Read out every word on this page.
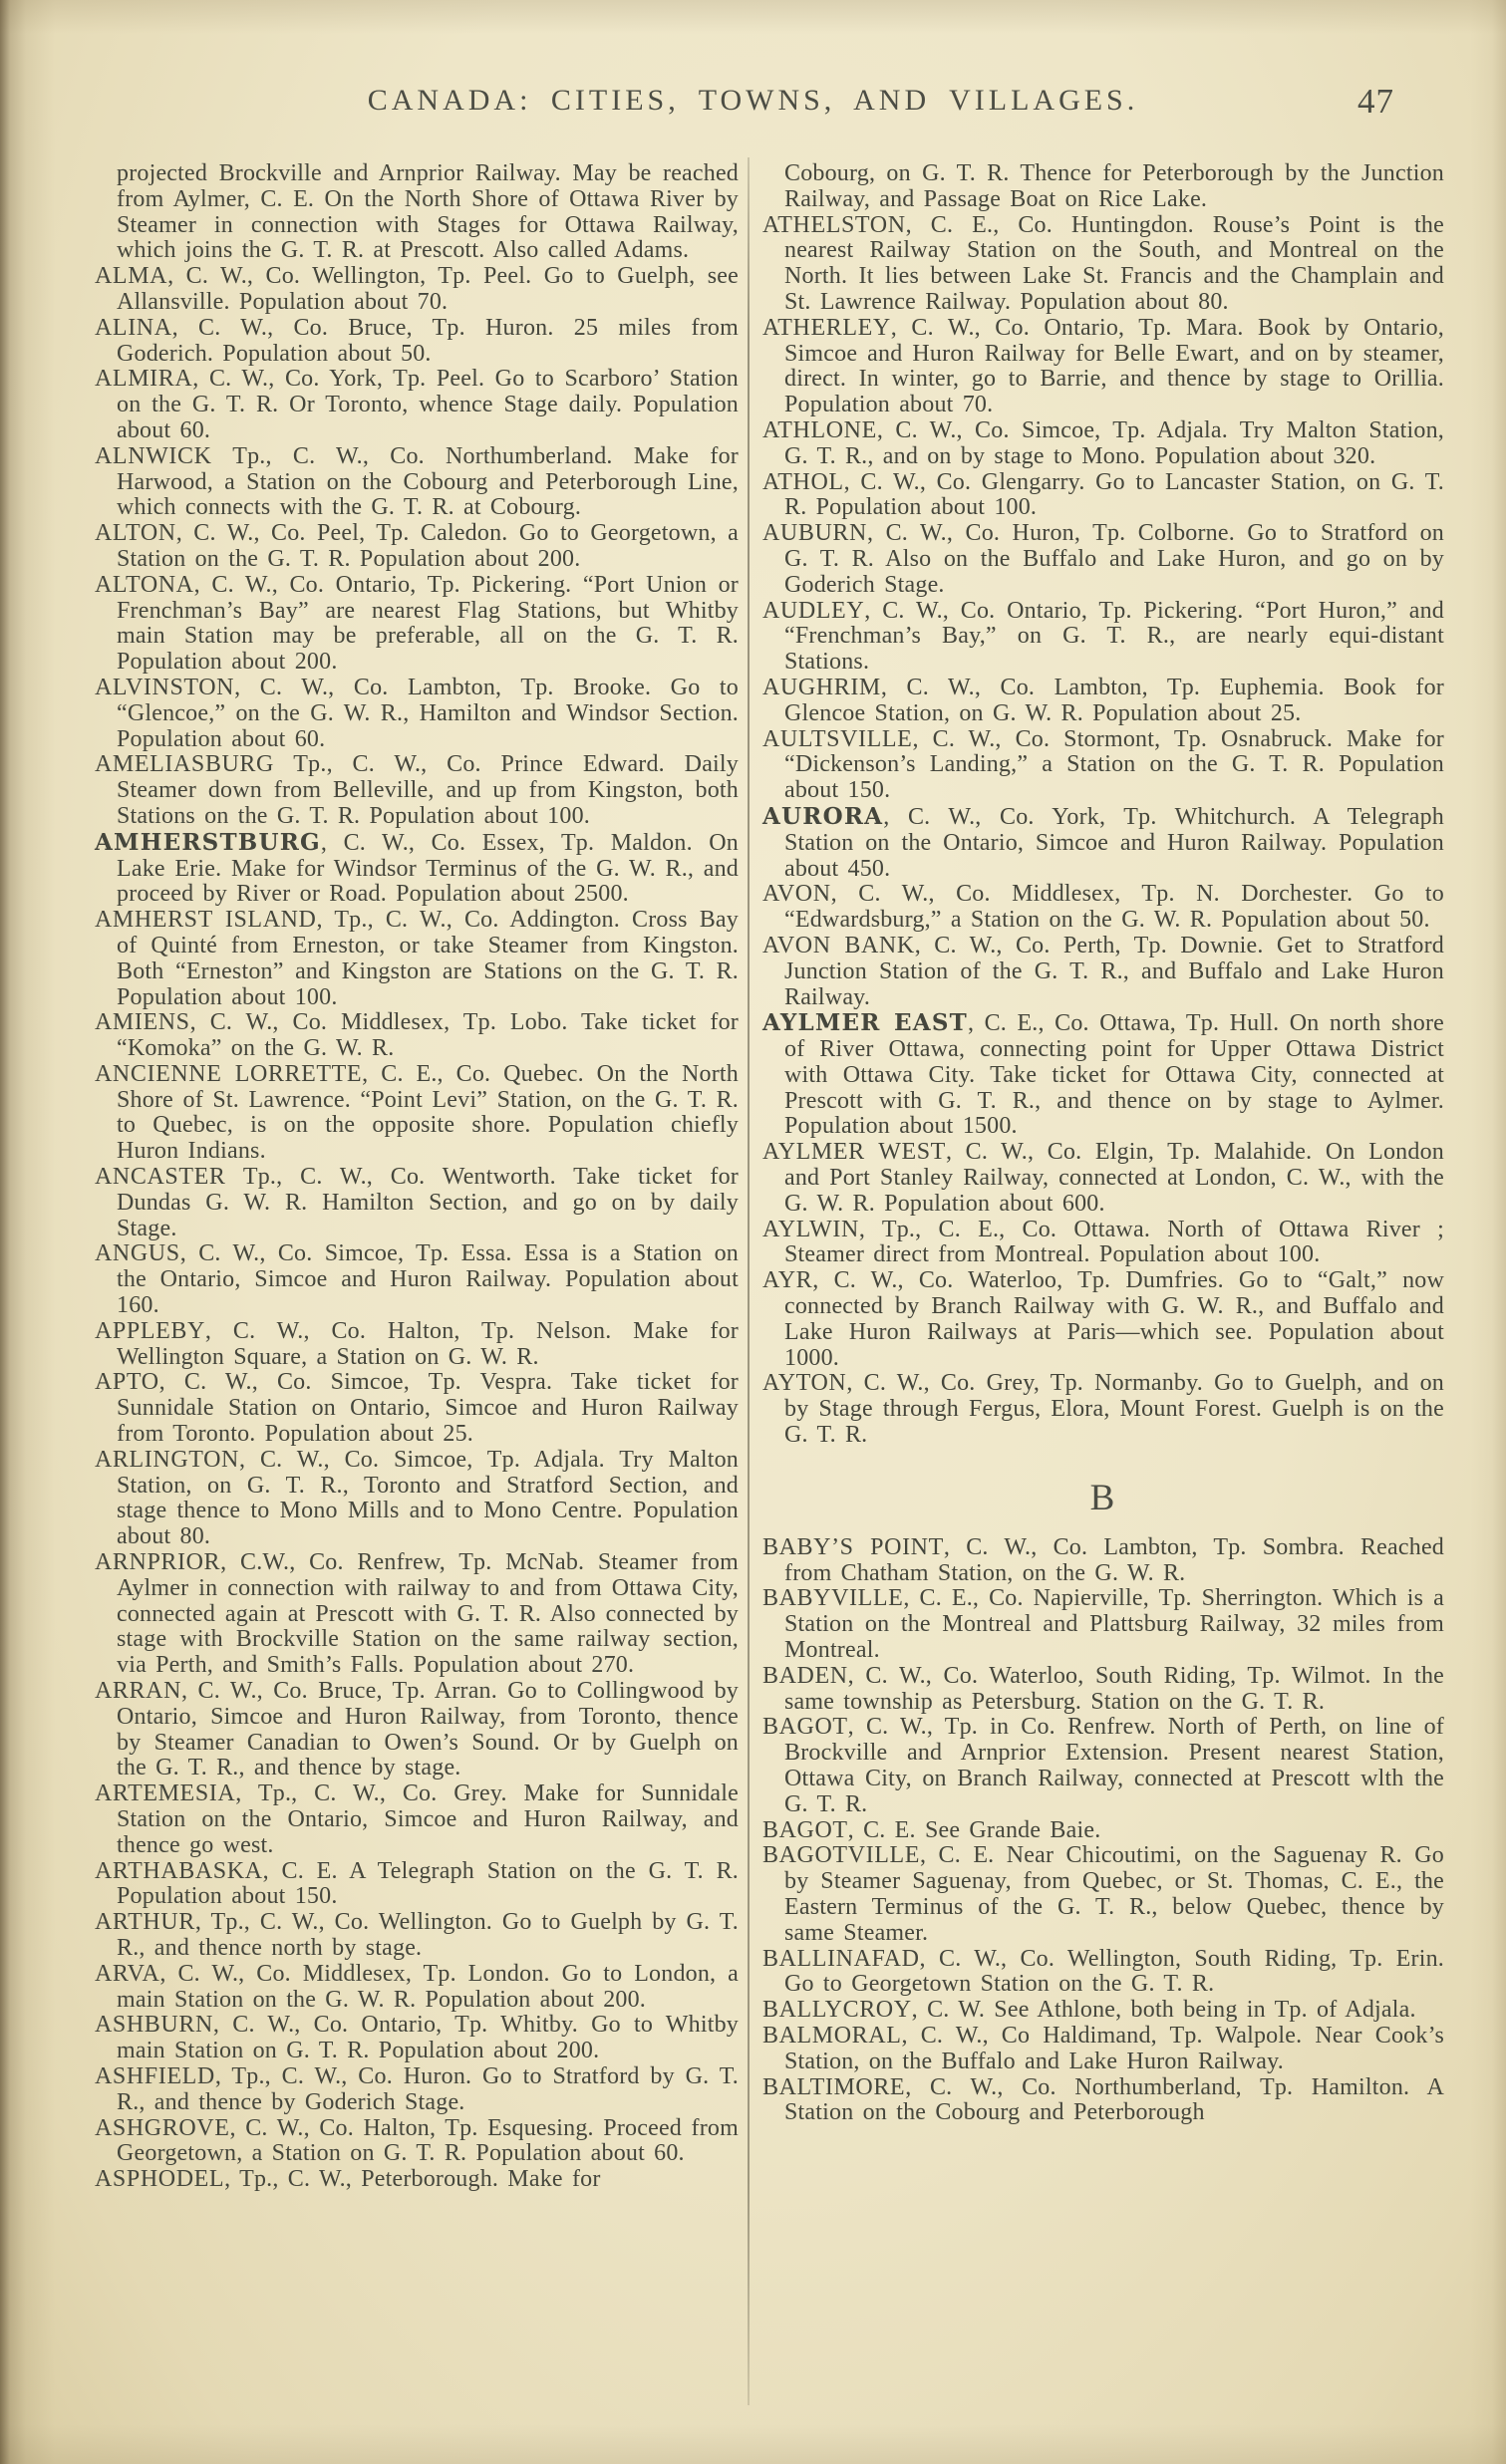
CANADA: CITIES, TOWNS, AND VILLAGES.	47

projected Brockville and Arnprior Railway. May be reached from Aylmer, C. E. On the North Shore of Ottawa River by Steamer in connection with Stages for Ottawa Railway, which joins the G. T. R. at Prescott. Also called Adams.

ALMA, C. W., Co. Wellington, Tp. Peel. Go to Guelph, see Allansville. Population about 70.

ALINA, C. W., Co. Bruce, Tp. Huron. 25 miles from Goderich. Population about 50.

ALMIRA, C. W., Co. York, Tp. Peel. Go to Scarboro’ Station on the G. T. R. Or Toronto, whence Stage daily. Population about 60.

ALNWICK Tp., C. W., Co. Northumberland. Make for Harwood, a Station on the Cobourg and Peterborough Line, which connects with the G. T. R. at Cobourg.

ALTON, C. W., Co. Peel, Tp. Caledon. Go to Georgetown, a Station on the G. T. R. Population about 200.

ALTONA, C. W., Co. Ontario, Tp. Pickering. “Port Union or Frenchman’s Bay” are nearest Flag Stations, but Whitby main Station may be preferable, all on the G. T. R. Population about 200.

ALVINSTON, C. W., Co. Lambton, Tp. Brooke. Go to “Glencoe,” on the G. W. R., Hamilton and Windsor Section. Population about 60.

AMELIASBURG Tp., C. W., Co. Prince Edward. Daily Steamer down from Belleville, and up from Kingston, both Stations on the G. T. R. Population about 100.

AMHERSTBURG, C. W., Co. Essex, Tp. Maldon. On Lake Erie. Make for Windsor Terminus of the G. W. R., and proceed by River or Road. Population about 2500.

AMHERST ISLAND, Tp., C. W., Co. Addington. Cross Bay of Quinté from Erneston, or take Steamer from Kingston. Both “Erneston” and Kingston are Stations on the G. T. R. Population about 100.

AMIENS, C. W., Co. Middlesex, Tp. Lobo. Take ticket for “Komoka” on the G. W. R.

ANCIENNE LORRETTE, C. E., Co. Quebec. On the North Shore of St. Lawrence. “Point Levi” Station, on the G. T. R. to Quebec, is on the opposite shore. Population chiefly Huron Indians.

ANCASTER Tp., C. W., Co. Wentworth. Take ticket for Dundas G. W. R. Hamilton Section, and go on by daily Stage.

ANGUS, C. W., Co. Simcoe, Tp. Essa. Essa is a Station on the Ontario, Simcoe and Huron Railway. Population about 160.

APPLEBY, C. W., Co. Halton, Tp. Nelson. Make for Wellington Square, a Station on G. W. R.

APTO, C. W., Co. Simcoe, Tp. Vespra. Take ticket for Sunnidale Station on Ontario, Simcoe and Huron Railway from Toronto. Population about 25.

ARLINGTON, C. W., Co. Simcoe, Tp. Adjala. Try Malton Station, on G. T. R., Toronto and Stratford Section, and stage thence to Mono Mills and to Mono Centre. Population about 80.

ARNPRIOR, C.W., Co. Renfrew, Tp. McNab. Steamer from Aylmer in connection with railway to and from Ottawa City, connected again at Prescott with G. T. R. Also connected by stage with Brockville Station on the same railway section, via Perth, and Smith’s Falls. Population about 270.

ARRAN, C. W., Co. Bruce, Tp. Arran. Go to Collingwood by Ontario, Simcoe and Huron Railway, from Toronto, thence by Steamer Canadian to Owen’s Sound. Or by Guelph on the G. T. R., and thence by stage.

ARTEMESIA, Tp., C. W., Co. Grey. Make for Sunnidale Station on the Ontario, Simcoe and Huron Railway, and thence go west.

ARTHABASKA, C. E. A Telegraph Station on the G. T. R. Population about 150.

ARTHUR, Tp., C. W., Co. Wellington. Go to Guelph by G. T. R., and thence north by stage.

ARVA, C. W., Co. Middlesex, Tp. London. Go to London, a main Station on the G. W. R. Population about 200.

ASHBURN, C. W., Co. Ontario, Tp. Whitby. Go to Whitby main Station on G. T. R. Population about 200.

ASHFIELD, Tp., C. W., Co. Huron. Go to Stratford by G. T. R., and thence by Goderich Stage.

ASHGROVE, C. W., Co. Halton, Tp. Esquesing. Proceed from Georgetown, a Station on G. T. R. Population about 60.

ASPHODEL, Tp., C. W., Peterborough. Make for

Cobourg, on G. T. R. Thence for Peterborough by the Junction Railway, and Passage Boat on Rice Lake.

ATHELSTON, C. E., Co. Huntingdon. Rouse’s Point is the nearest Railway Station on the South, and Montreal on the North. It lies between Lake St. Francis and the Champlain and St. Lawrence Railway. Population about 80.

ATHERLEY, C. W., Co. Ontario, Tp. Mara. Book by Ontario, Simcoe and Huron Railway for Belle Ewart, and on by steamer, direct. In winter, go to Barrie, and thence by stage to Orillia. Population about 70.

ATHLONE, C. W., Co. Simcoe, Tp. Adjala. Try Malton Station, G. T. R., and on by stage to Mono. Population about 320.

ATHOL, C. W., Co. Glengarry. Go to Lancaster Station, on G. T. R. Population about 100.

AUBURN, C. W., Co. Huron, Tp. Colborne. Go to Stratford on G. T. R. Also on the Buffalo and Lake Huron, and go on by Goderich Stage.

AUDLEY, C. W., Co. Ontario, Tp. Pickering. “Port Huron,” and “Frenchman’s Bay,” on G. T. R., are nearly equi-distant Stations.

AUGHRIM, C. W., Co. Lambton, Tp. Euphemia. Book for Glencoe Station, on G. W. R. Population about 25.

AULTSVILLE, C. W., Co. Stormont, Tp. Osnabruck. Make for “Dickenson’s Landing,” a Station on the G. T. R. Population about 150.

AURORA, C. W., Co. York, Tp. Whitchurch. A Telegraph Station on the Ontario, Simcoe and Huron Railway. Population about 450.

AVON, C. W., Co. Middlesex, Tp. N. Dorchester. Go to “Edwardsburg,” a Station on the G. W. R. Population about 50.

AVON BANK, C. W., Co. Perth, Tp. Downie. Get to Stratford Junction Station of the G. T. R., and Buffalo and Lake Huron Railway.

AYLMER EAST, C. E., Co. Ottawa, Tp. Hull. On north shore of River Ottawa, connecting point for Upper Ottawa District with Ottawa City. Take ticket for Ottawa City, connected at Prescott with G. T. R., and thence on by stage to Aylmer. Population about 1500.

AYLMER WEST, C. W., Co. Elgin, Tp. Malahide. On London and Port Stanley Railway, connected at London, C. W., with the G. W. R. Population about 600.

AYLWIN, Tp., C. E., Co. Ottawa. North of Ottawa River ; Steamer direct from Montreal. Population about 100.

AYR, C. W., Co. Waterloo, Tp. Dumfries. Go to “Galt,” now connected by Branch Railway with G. W. R., and Buffalo and Lake Huron Railways at Paris—which see. Population about 1000.

AYTON, C. W., Co. Grey, Tp. Normanby. Go to Guelph, and on by Stage through Fergus, Elora, Mount Forest. Guelph is on the G. T. R.

B

BABY’S POINT, C. W., Co. Lambton, Tp. Sombra. Reached from Chatham Station, on the G. W. R.

BABYVILLE, C. E., Co. Napierville, Tp. Sherrington. Which is a Station on the Montreal and Plattsburg Railway, 32 miles from Montreal.

BADEN, C. W., Co. Waterloo, South Riding, Tp. Wilmot. In the same township as Petersburg. Station on the G. T. R.

BAGOT, C. W., Tp. in Co. Renfrew. North of Perth, on line of Brockville and Arnprior Extension. Present nearest Station, Ottawa City, on Branch Railway, connected at Prescott wlth the G. T. R.

BAGOT, C. E. See Grande Baie.

BAGOTVILLE, C. E. Near Chicoutimi, on the Saguenay R. Go by Steamer Saguenay, from Quebec, or St. Thomas, C. E., the Eastern Terminus of the G. T. R., below Quebec, thence by same Steamer.

BALLINAFAD, C. W., Co. Wellington, South Riding, Tp. Erin. Go to Georgetown Station on the G. T. R.

BALLYCROY, C. W. See Athlone, both being in Tp. of Adjala.

BALMORAL, C. W., Co Haldimand, Tp. Walpole. Near Cook’s Station, on the Buffalo and Lake Huron Railway.

BALTIMORE, C. W., Co. Northumberland, Tp. Hamilton. A Station on the Cobourg and Peterborough
